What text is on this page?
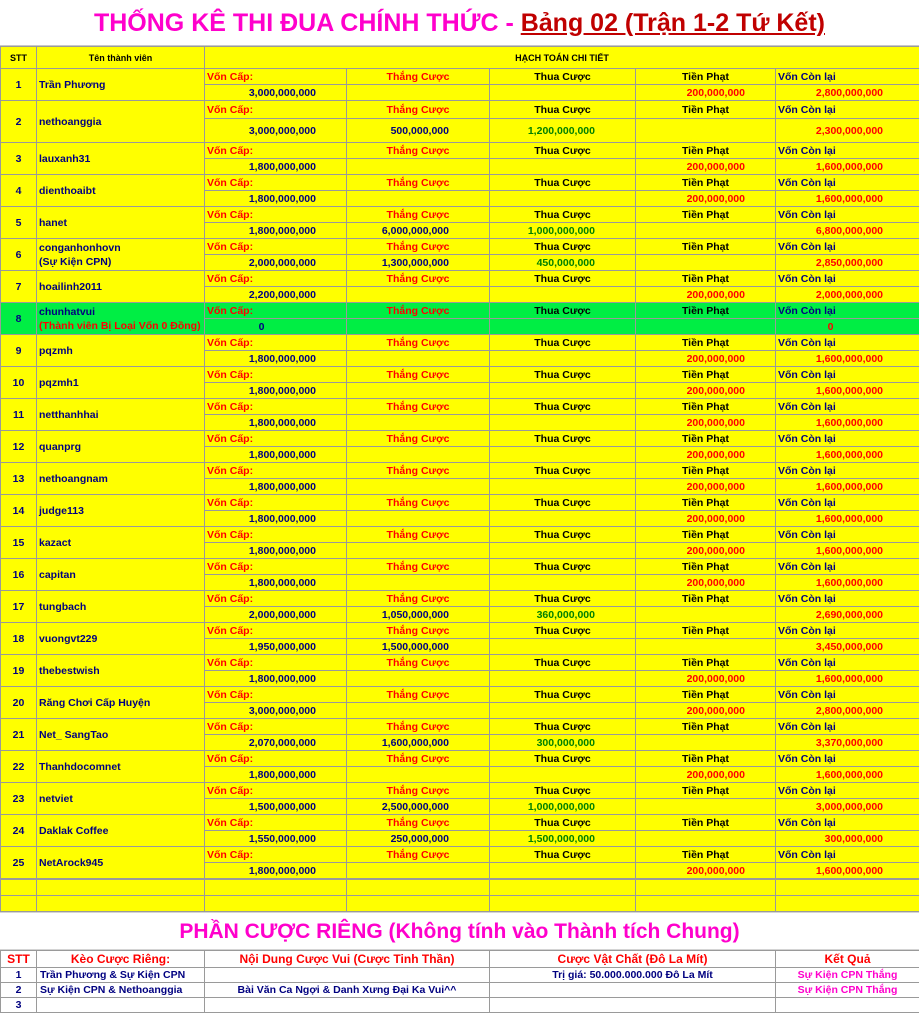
THỐNG KÊ THI ĐUA CHÍNH THỨC - Bảng 02 (Trận 1-2 Tứ Kết)
STT	Tên thành viên	HẠCH TOÁN CHI TIẾT				
1	Trần Phương	Vốn Cấp:	Thắng Cược	Thua Cược	Tiền Phạt	Vốn Còn lại
		3,000,000,000			200,000,000	2,800,000,000
2	nethoanggia	Vốn Cấp:	Thắng Cược	Thua Cược	Tiền Phạt	Vốn Còn lại
		3,000,000,000	500,000,000	1,200,000,000		2,300,000,000
3	lauxanh31	Vốn Cấp:	Thắng Cược	Thua Cược	Tiền Phạt	Vốn Còn lại
		1,800,000,000			200,000,000	1,600,000,000
4	dienthoaibt	Vốn Cấp:	Thắng Cược	Thua Cược	Tiền Phạt	Vốn Còn lại
		1,800,000,000			200,000,000	1,600,000,000
5	hanet	Vốn Cấp:	Thắng Cược	Thua Cược	Tiền Phạt	Vốn Còn lại
		1,800,000,000	6,000,000,000	1,000,000,000		6,800,000,000
6	conganhonhovn
(Sự Kiện CPN)	Vốn Cấp:	Thắng Cược	Thua Cược	Tiền Phạt	Vốn Còn lại
		2,000,000,000	1,300,000,000	450,000,000		2,850,000,000
7	hoailinh2011	Vốn Cấp:	Thắng Cược	Thua Cược	Tiền Phạt	Vốn Còn lại
		2,200,000,000			200,000,000	2,000,000,000
8	chunhatvui
(Thành viên Bị Loại Vốn 0 Đồng)	Vốn Cấp:	Thắng Cược	Thua Cược	Tiền Phạt	Vốn Còn lại
		0				0
9	pqzmh	Vốn Cấp:	Thắng Cược	Thua Cược	Tiền Phạt	Vốn Còn lại
		1,800,000,000			200,000,000	1,600,000,000
10	pqzmh1	Vốn Cấp:	Thắng Cược	Thua Cược	Tiền Phạt	Vốn Còn lại
		1,800,000,000			200,000,000	1,600,000,000
11	netthanhhai	Vốn Cấp:	Thắng Cược	Thua Cược	Tiền Phạt	Vốn Còn lại
		1,800,000,000			200,000,000	1,600,000,000
12	quanprg	Vốn Cấp:	Thắng Cược	Thua Cược	Tiền Phạt	Vốn Còn lại
		1,800,000,000			200,000,000	1,600,000,000
13	nethoangnam	Vốn Cấp:	Thắng Cược	Thua Cược	Tiền Phạt	Vốn Còn lại
		1,800,000,000			200,000,000	1,600,000,000
14	judge113	Vốn Cấp:	Thắng Cược	Thua Cược	Tiền Phạt	Vốn Còn lại
		1,800,000,000			200,000,000	1,600,000,000
15	kazact	Vốn Cấp:	Thắng Cược	Thua Cược	Tiền Phạt	Vốn Còn lại
		1,800,000,000			200,000,000	1,600,000,000
16	capitan	Vốn Cấp:	Thắng Cược	Thua Cược	Tiền Phạt	Vốn Còn lại
		1,800,000,000			200,000,000	1,600,000,000
17	tungbach	Vốn Cấp:	Thắng Cược	Thua Cược	Tiền Phạt	Vốn Còn lại
		2,000,000,000	1,050,000,000	360,000,000		2,690,000,000
18	vuongvt229	Vốn Cấp:	Thắng Cược	Thua Cược	Tiền Phạt	Vốn Còn lại
		1,950,000,000	1,500,000,000			3,450,000,000
19	thebestwish	Vốn Cấp:	Thắng Cược	Thua Cược	Tiền Phạt	Vốn Còn lại
		1,800,000,000			200,000,000	1,600,000,000
20	Răng Chơi Cấp Huyện	Vốn Cấp:	Thắng Cược	Thua Cược	Tiền Phạt	Vốn Còn lại
		3,000,000,000			200,000,000	2,800,000,000
21	Net_ SangTao	Vốn Cấp:	Thắng Cược	Thua Cược	Tiền Phạt	Vốn Còn lại
		2,070,000,000	1,600,000,000	300,000,000		3,370,000,000
22	Thanhdocomnet	Vốn Cấp:	Thắng Cược	Thua Cược	Tiền Phạt	Vốn Còn lại
		1,800,000,000			200,000,000	1,600,000,000
23	netviet	Vốn Cấp:	Thắng Cược	Thua Cược	Tiền Phạt	Vốn Còn lại
		1,500,000,000	2,500,000,000	1,000,000,000		3,000,000,000
24	Daklak Coffee	Vốn Cấp:	Thắng Cược	Thua Cược	Tiền Phạt	Vốn Còn lại
		1,550,000,000	250,000,000	1,500,000,000		300,000,000
25	NetArock945	Vốn Cấp:	Thắng Cược	Thua Cược	Tiền Phạt	Vốn Còn lại
		1,800,000,000			200,000,000	1,600,000,000

PHẦN CƯỢC RIÊNG (Không tính vào Thành tích Chung)
STT	Kèo Cược Riêng:	Nội Dung Cược Vui (Cược Tinh Thần)	Cược Vật Chất (Đô La Mít)	Kết Quả
1	Trần Phương & Sự Kiện CPN		Trị giá: 50.000.000.000 Đô La Mít	Sự Kiện CPN Thắng
2	Sự Kiện CPN & Nethoanggia	Bài Văn Ca Ngợi & Danh Xưng Đại Ka Vui^^		Sự Kiện CPN Thắng
3				
